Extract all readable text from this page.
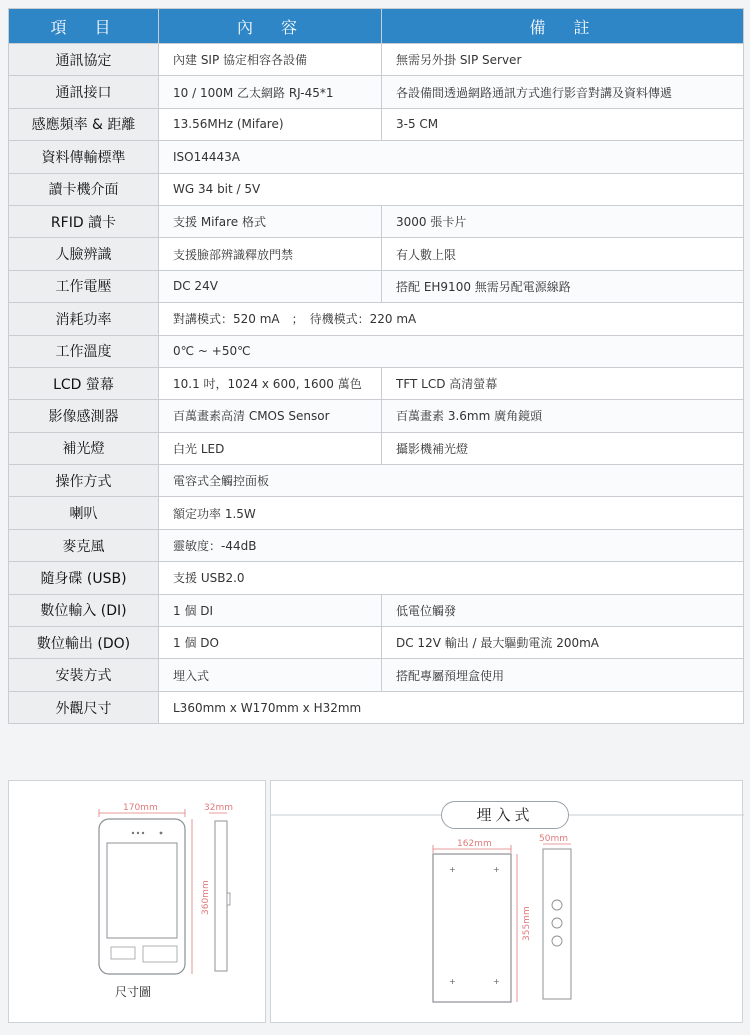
項　目	內　容	備　註
通訊協定	內建 SIP 協定相容各設備	無需另外掛 SIP Server
通訊接口	10 / 100M 乙太網路 RJ-45*1	各設備間透過網路通訊方式進行影音對講及資料傳遞
感應頻率 & 距離	13.56MHz (Mifare)	3-5 CM
資料傳輸標準	ISO14443A	
讀卡機介面	WG 34 bit / 5V	
RFID 讀卡	支援 Mifare 格式	3000 張卡片
人臉辨識	支援臉部辨識釋放門禁	有人數上限
工作電壓	DC 24V	搭配 EH9100 無需另配電源線路
消耗功率	對講模式：520 mA　；　待機模式：220 mA	
工作溫度	0℃ ~ +50℃	
LCD 螢幕	10.1 吋，1024 x 600, 1600 萬色	TFT LCD 高清螢幕
影像感測器	百萬畫素高清 CMOS Sensor	百萬畫素 3.6mm 廣角鏡頭
補光燈	白光 LED	攝影機補光燈
操作方式	電容式全觸控面板	
喇叭	額定功率 1.5W	
麥克風	靈敏度：-44dB	
隨身碟 (USB)	支援 USB2.0	
數位輸入 (DI)	1 個 DI	低電位觸發
數位輸出 (DO)	1 個 DO	DC 12V 輸出 / 最大驅動電流 200mA
安裝方式	埋入式	搭配專屬預埋盒使用
外觀尺寸	L360mm x W170mm x H32mm	
170mm
360mm
32mm
尺寸圖
162mm
+	+
+	+
355mm
50mm
埋入式
